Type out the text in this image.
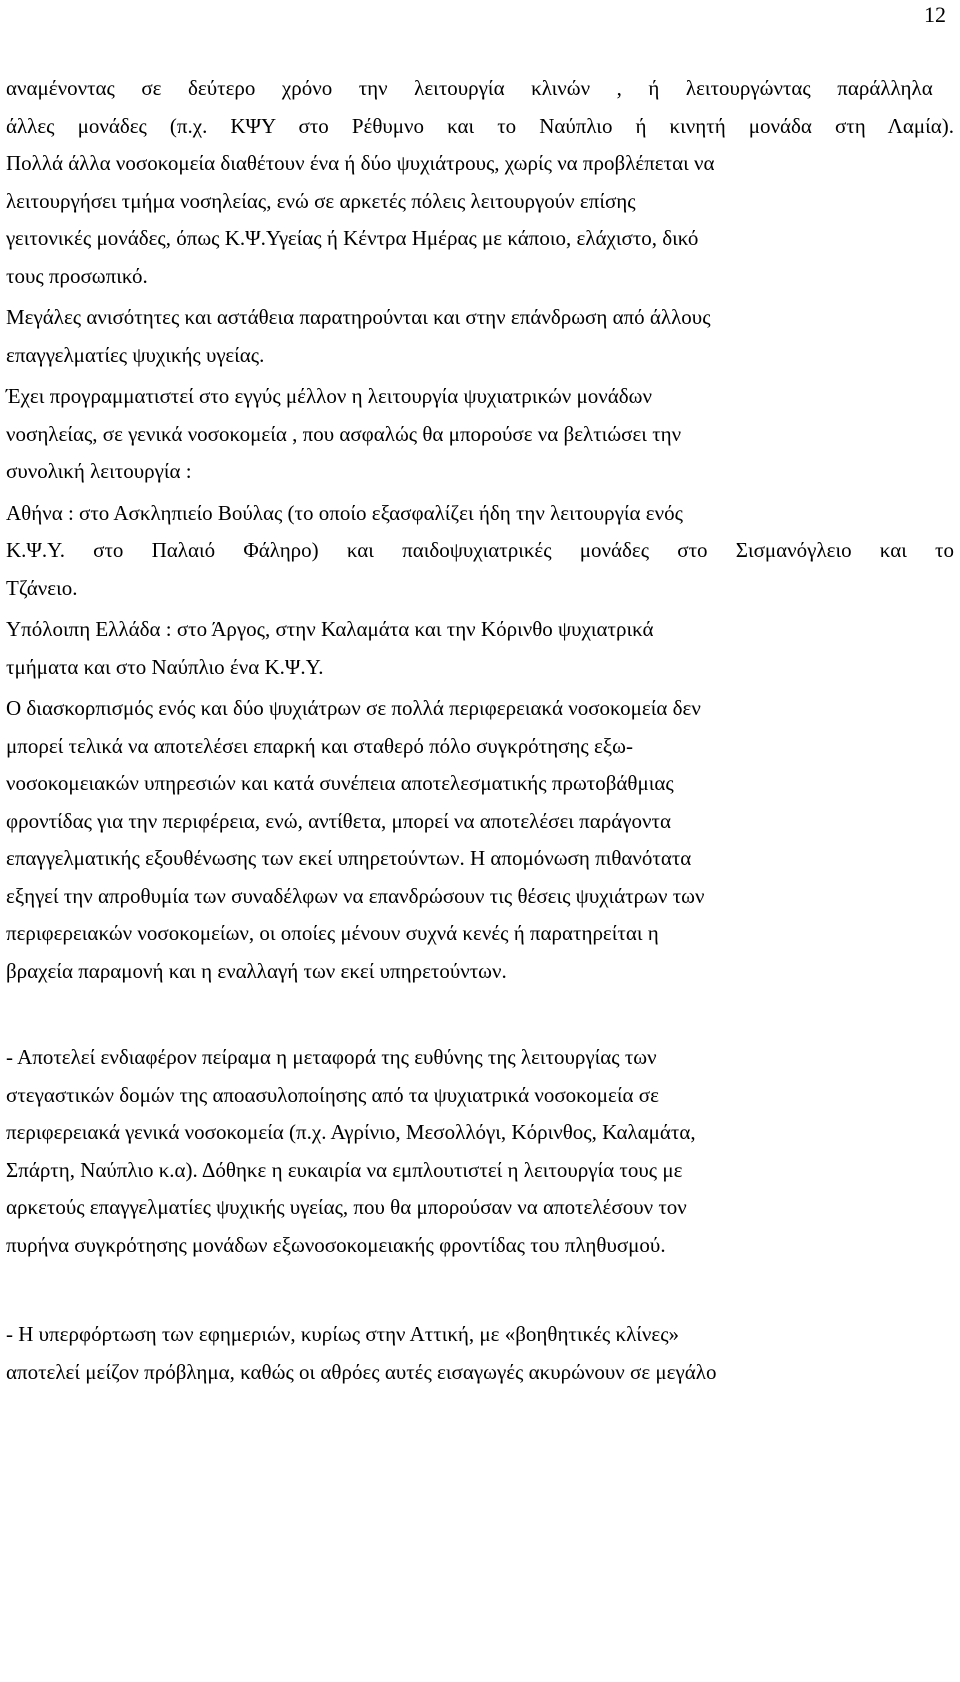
12

αναμένοντας σε δεύτερο χρόνο την λειτουργία κλινών , ή λειτουργώντας παράλληλα
άλλες μονάδες (π.χ. ΚΨΥ στο Ρέθυμνο και το Ναύπλιο ή κινητή μονάδα στη Λαμία).
Πολλά άλλα νοσοκομεία διαθέτουν ένα ή δύο ψυχιάτρους, χωρίς να προβλέπεται να
λειτουργήσει τμήμα νοσηλείας, ενώ σε αρκετές πόλεις λειτουργούν επίσης
γειτονικές μονάδες, όπως Κ.Ψ.Υγείας ή Κέντρα Ημέρας με κάποιο, ελάχιστο, δικό
τους προσωπικό.

Μεγάλες ανισότητες και αστάθεια παρατηρούνται και στην επάνδρωση από άλλους
επαγγελματίες ψυχικής υγείας.

Έχει προγραμματιστεί στο εγγύς μέλλον η λειτουργία ψυχιατρικών μονάδων
νοσηλείας, σε γενικά νοσοκομεία , που ασφαλώς θα μπορούσε να βελτιώσει την
συνολική λειτουργία :

Αθήνα : στο Ασκληπιείο Βούλας (το οποίο εξασφαλίζει ήδη την λειτουργία ενός
Κ.Ψ.Υ. στο Παλαιό Φάληρο) και παιδοψυχιατρικές μονάδες στο Σισμανόγλειο και το
Τζάνειο.

Υπόλοιπη Ελλάδα : στο Άργος, στην Καλαμάτα και την Κόρινθο ψυχιατρικά
τμήματα και στο Ναύπλιο ένα Κ.Ψ.Υ.

Ο διασκορπισμός ενός και δύο ψυχιάτρων σε πολλά περιφερειακά νοσοκομεία δεν
μπορεί τελικά να αποτελέσει επαρκή και σταθερό πόλο συγκρότησης εξω-
νοσοκομειακών υπηρεσιών και κατά συνέπεια αποτελεσματικής πρωτοβάθμιας
φροντίδας για την περιφέρεια, ενώ, αντίθετα, μπορεί να αποτελέσει παράγοντα
επαγγελματικής εξουθένωσης των εκεί υπηρετούντων. Η απομόνωση πιθανότατα
εξηγεί την απροθυμία των συναδέλφων να επανδρώσουν τις θέσεις ψυχιάτρων των
περιφερειακών νοσοκομείων, οι οποίες μένουν συχνά κενές ή παρατηρείται η
βραχεία παραμονή και η εναλλαγή των εκεί υπηρετούντων.

- Αποτελεί ενδιαφέρον πείραμα η μεταφορά της ευθύνης της λειτουργίας των
στεγαστικών δομών της αποασυλοποίησης από τα ψυχιατρικά νοσοκομεία σε
περιφερειακά γενικά νοσοκομεία (π.χ. Αγρίνιο, Μεσολλόγι, Κόρινθος, Καλαμάτα,
Σπάρτη, Ναύπλιο κ.α). Δόθηκε η ευκαιρία να εμπλουτιστεί η λειτουργία τους με
αρκετούς επαγγελματίες ψυχικής υγείας, που θα μπορούσαν να αποτελέσουν τον
πυρήνα συγκρότησης μονάδων εξωνοσοκομειακής φροντίδας του πληθυσμού.

- Η υπερφόρτωση των εφημεριών, κυρίως στην Αττική, με «βοηθητικές κλίνες»
αποτελεί μείζον πρόβλημα, καθώς οι αθρόες αυτές εισαγωγές ακυρώνουν σε μεγάλο
